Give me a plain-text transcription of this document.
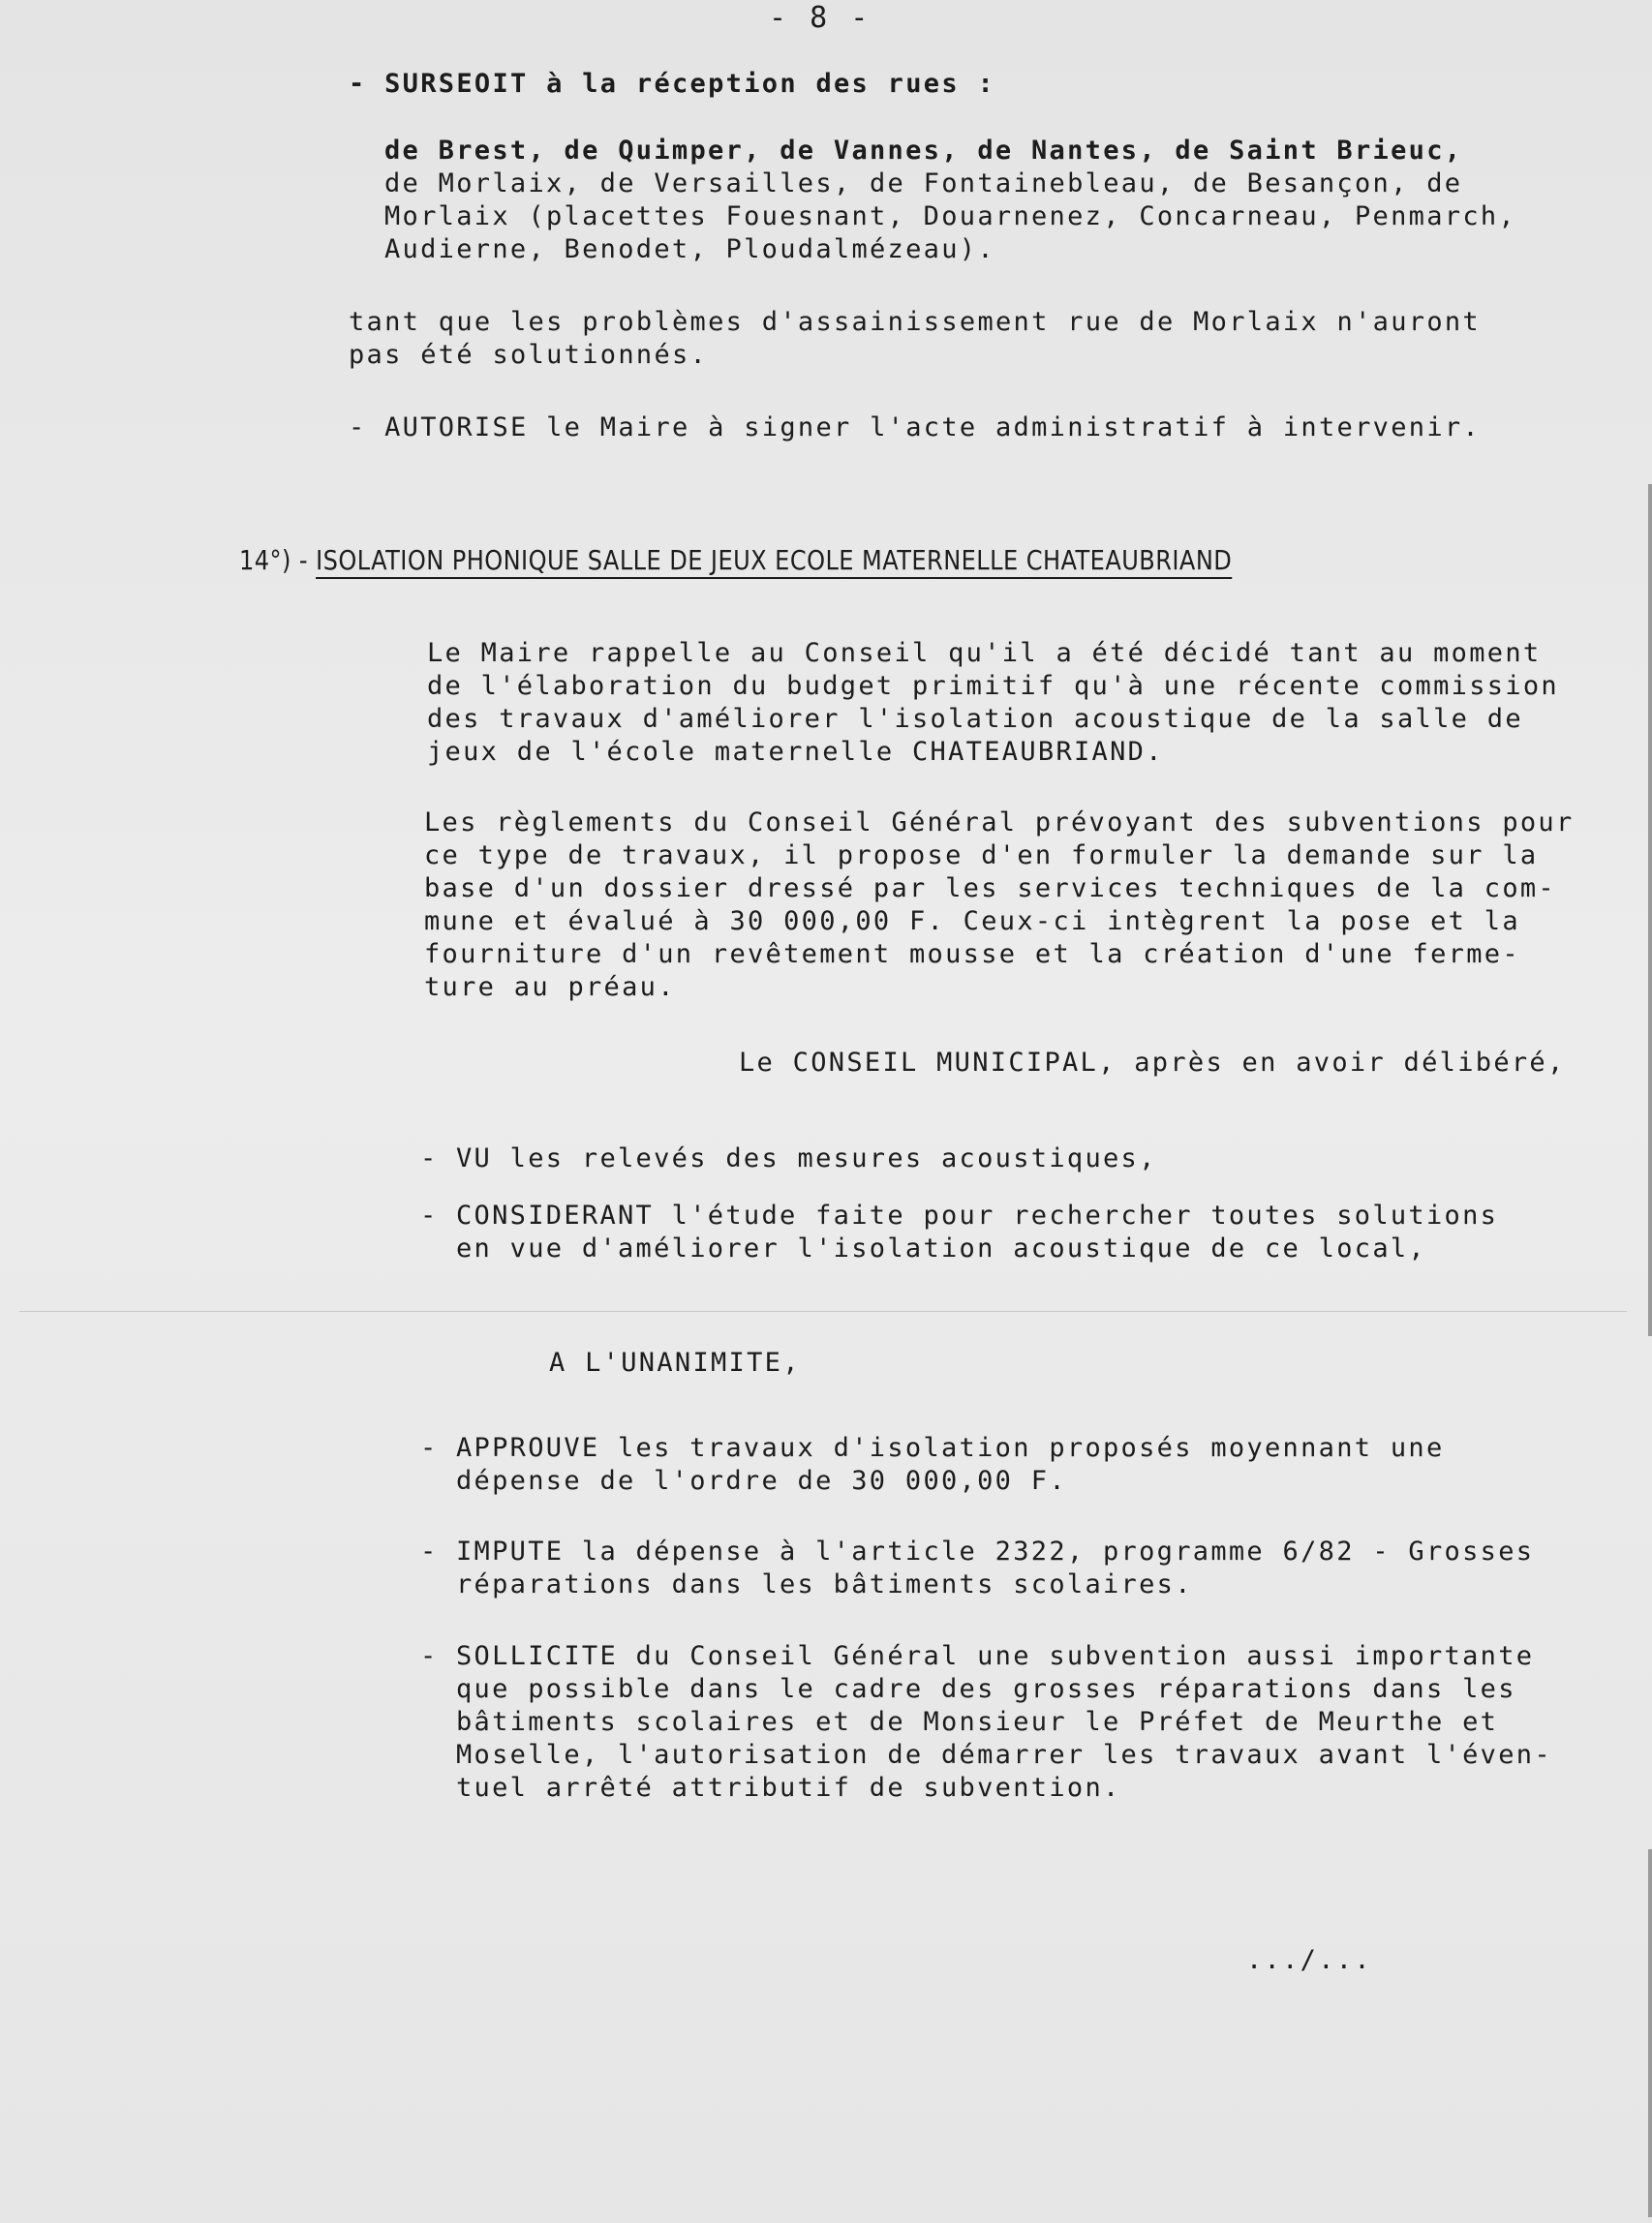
- 8 -
- SURSEOIT à la réception des rues :
de Brest, de Quimper, de Vannes, de Nantes, de Saint Brieuc,
de Morlaix, de Versailles, de Fontainebleau, de Besançon, de
Morlaix (placettes Fouesnant, Douarnenez, Concarneau, Penmarch,
Audierne, Benodet, Ploudalmézeau).
tant que les problèmes d'assainissement rue de Morlaix n'auront
pas été solutionnés.
- AUTORISE le Maire à signer l'acte administratif à intervenir.
14°) - ISOLATION PHONIQUE SALLE DE JEUX ECOLE MATERNELLE CHATEAUBRIAND
Le Maire rappelle au Conseil qu'il a été décidé tant au moment
de l'élaboration du budget primitif qu'à une récente commission
des travaux d'améliorer l'isolation acoustique de la salle de
jeux de l'école maternelle CHATEAUBRIAND.
Les règlements du Conseil Général prévoyant des subventions pour
ce type de travaux, il propose d'en formuler la demande sur la
base d'un dossier dressé par les services techniques de la com-
mune et évalué à 30 000,00 F. Ceux-ci intègrent la pose et la
fourniture d'un revêtement mousse et la création d'une ferme-
ture au préau.
Le CONSEIL MUNICIPAL, après en avoir délibéré,
- VU les relevés des mesures acoustiques,
- CONSIDERANT l'étude faite pour rechercher toutes solutions
en vue d'améliorer l'isolation acoustique de ce local,
A L'UNANIMITE,
- APPROUVE les travaux d'isolation proposés moyennant une
dépense de l'ordre de 30 000,00 F.
- IMPUTE la dépense à l'article 2322, programme 6/82 - Grosses
réparations dans les bâtiments scolaires.
- SOLLICITE du Conseil Général une subvention aussi importante
que possible dans le cadre des grosses réparations dans les
bâtiments scolaires et de Monsieur le Préfet de Meurthe et
Moselle, l'autorisation de démarrer les travaux avant l'éven-
tuel arrêté attributif de subvention.
.../...
